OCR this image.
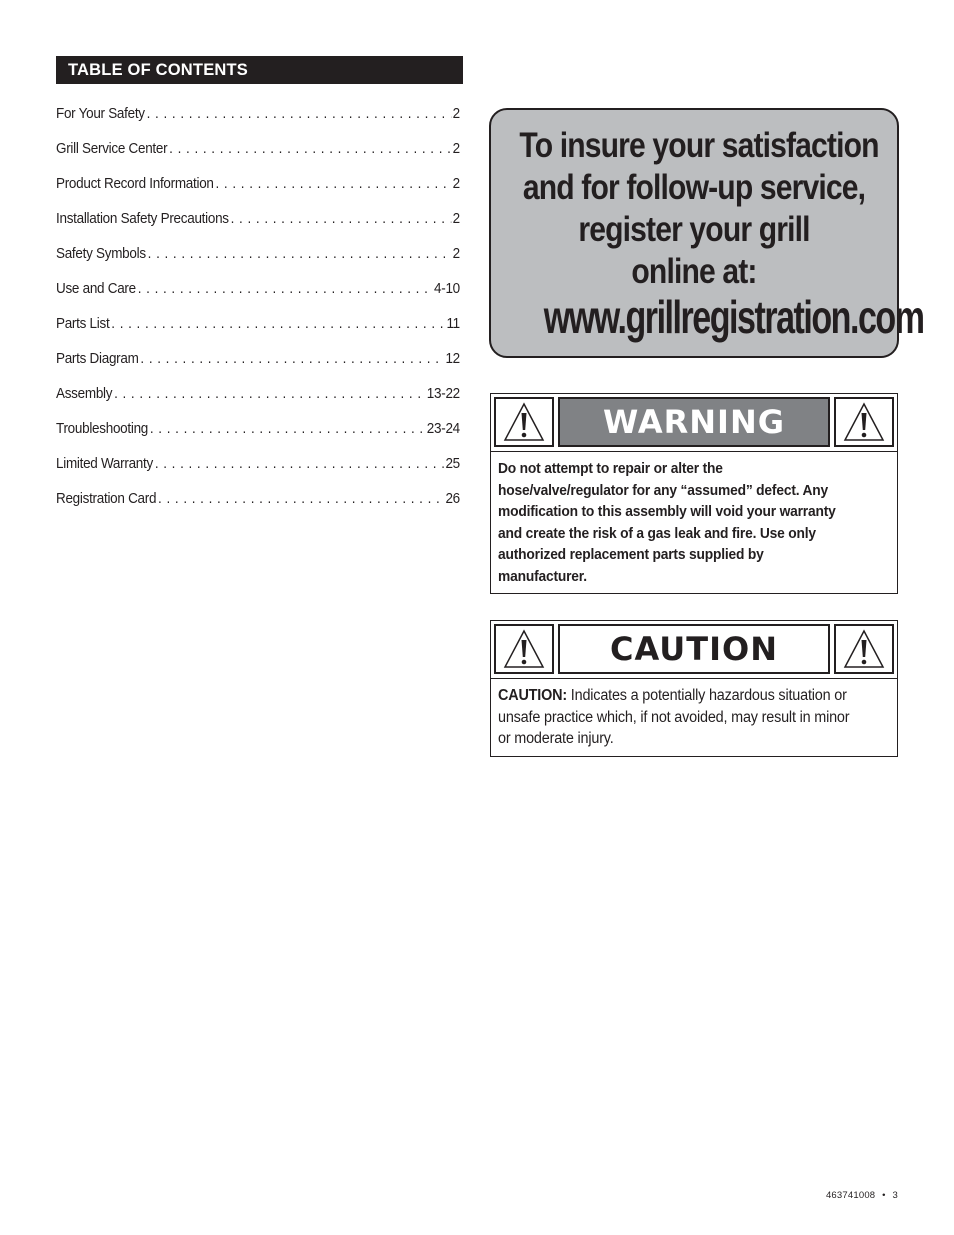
TABLE OF CONTENTS
For Your Safety . . .	2
Grill Service Center . . .	2
Product Record Information . . .	2
Installation Safety Precautions . . .	2
Safety Symbols . . .	2
Use and Care . . .	4-10
Parts List . . .	11
Parts Diagram . . .	12
Assembly . . .	13-22
Troubleshooting . . .	23-24
Limited Warranty . . .	25
Registration Card . . .	26
To insure your satisfaction
and for follow-up service,
register your grill
online at:
www.grillregistration.com
WARNING
Do not attempt to repair or alter the
hose/valve/regulator for any “assumed” defect. Any
modification to this assembly will void your warranty
and create the risk of a gas leak and fire. Use only
authorized replacement parts supplied by
manufacturer.
CAUTION
CAUTION: Indicates a potentially hazardous situation or
unsafe practice which, if not avoided, may result in minor
or moderate injury.
463741008 • 3
